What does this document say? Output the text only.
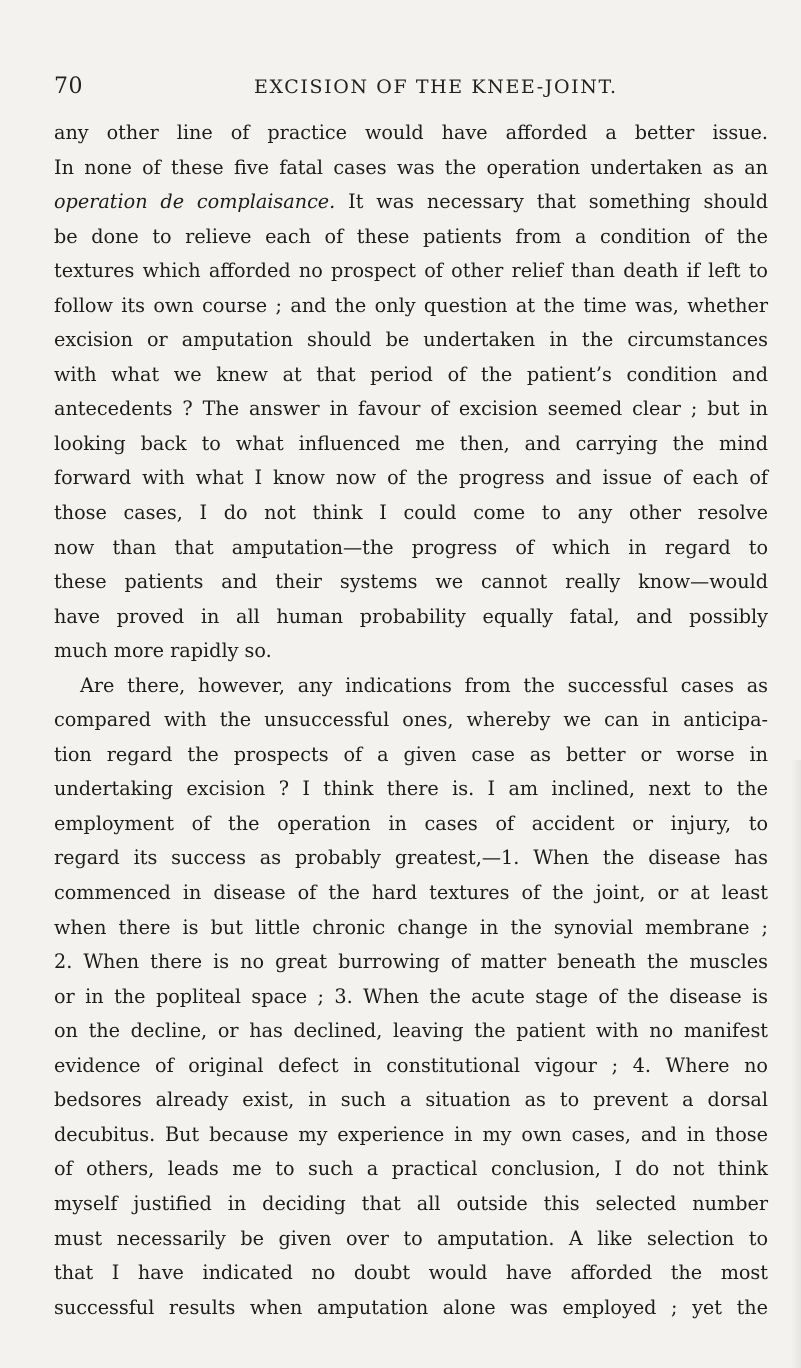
70	EXCISION OF THE KNEE-JOINT.

any other line of practice would have afforded a better issue.
In none of these five fatal cases was the operation undertaken as an
operation de complaisance. It was necessary that something should
be done to relieve each of these patients from a condition of the
textures which afforded no prospect of other relief than death if left to
follow its own course ; and the only question at the time was, whether
excision or amputation should be undertaken in the circumstances
with what we knew at that period of the patient’s condition and
antecedents ? The answer in favour of excision seemed clear ; but in
looking back to what influenced me then, and carrying the mind
forward with what I know now of the progress and issue of each of
those cases, I do not think I could come to any other resolve
now than that amputation—the progress of which in regard to
these patients and their systems we cannot really know—would
have proved in all human probability equally fatal, and possibly
much more rapidly so.

Are there, however, any indications from the successful cases as
compared with the unsuccessful ones, whereby we can in anticipa-
tion regard the prospects of a given case as better or worse in
undertaking excision ? I think there is. I am inclined, next to the
employment of the operation in cases of accident or injury, to
regard its success as probably greatest,—1. When the disease has
commenced in disease of the hard textures of the joint, or at least
when there is but little chronic change in the synovial membrane ;
2. When there is no great burrowing of matter beneath the muscles
or in the popliteal space ; 3. When the acute stage of the disease is
on the decline, or has declined, leaving the patient with no manifest
evidence of original defect in constitutional vigour ; 4. Where no
bedsores already exist, in such a situation as to prevent a dorsal
decubitus. But because my experience in my own cases, and in those
of others, leads me to such a practical conclusion, I do not think
myself justified in deciding that all outside this selected number
must necessarily be given over to amputation. A like selection to
that I have indicated no doubt would have afforded the most
successful results when amputation alone was employed ; yet the
